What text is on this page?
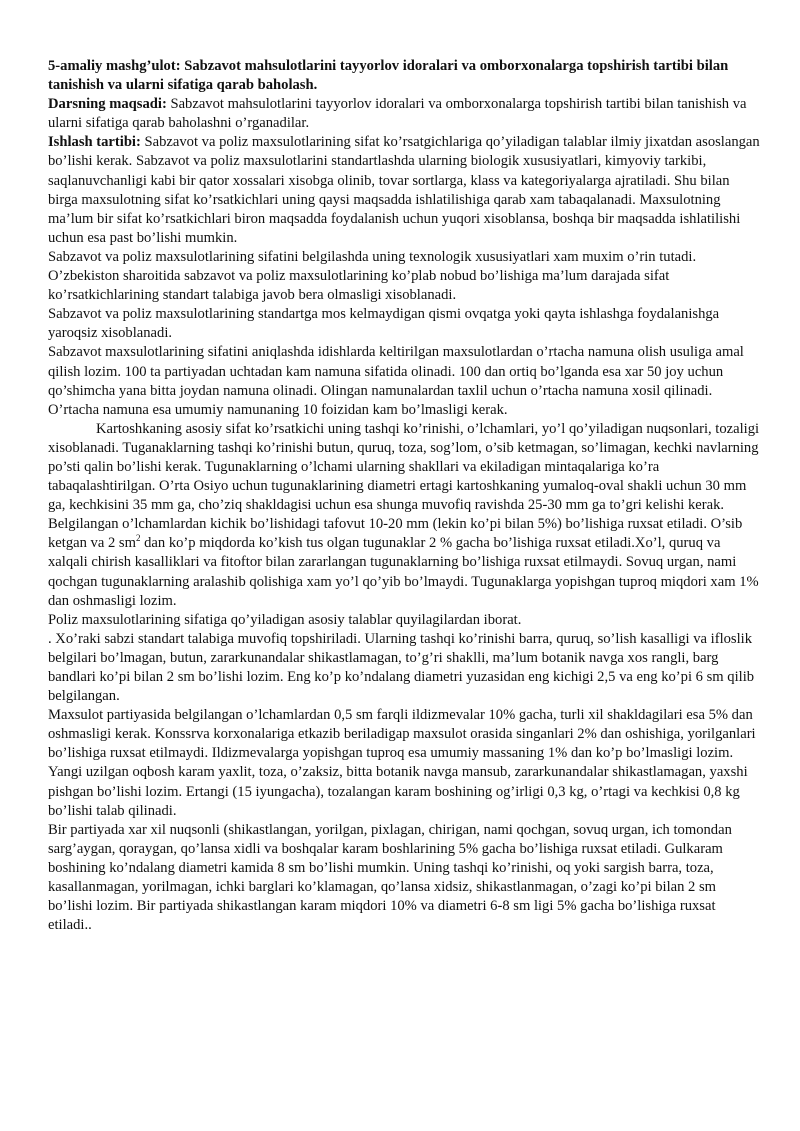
5-amaliy mashg’ulot: Sabzavot mahsulotlarini tayyorlov idoralari va omborxonalarga topshirish tartibi bilan tanishish va ularni sifatiga qarab baholash.

Darsning maqsadi: Sabzavot mahsulotlarini tayyorlov idoralari va omborxonalarga topshirish tartibi bilan tanishish va ularni sifatiga qarab baholashni o’rganadilar.

Ishlash tartibi: Sabzavot va poliz maxsulotlarining sifat ko’rsatgichlariga qo’yiladigan talablar ilmiy jixatdan asoslangan bo’lishi kerak. Sabzavot va poliz maxsulotlarini standartlashda ularning biologik xususiyatlari, kimyoviy tarkibi, saqlanuvchanligi kabi bir qator xossalari xisobga olinib, tovar sortlarga, klass va kategoriyalarga ajratiladi. Shu bilan birga maxsulotning sifat ko’rsatkichlari uning qaysi maqsadda ishlatilishiga qarab xam tabaqalanadi. Maxsulotning ma’lum bir sifat ko’rsatkichlari biron maqsadda foydalanish uchun yuqori xisoblansa, boshqa bir maqsadda ishlatilishi uchun esa past bo’lishi mumkin.

Sabzavot va poliz maxsulotlarining sifatini belgilashda uning texnologik xususiyatlari xam muxim o’rin tutadi.

O’zbekiston sharoitida sabzavot va poliz maxsulotlarining ko’plab nobud bo’lishiga ma’lum darajada sifat ko’rsatkichlarining standart talabiga javob bera olmasligi xisoblanadi.

Sabzavot va poliz maxsulotlarining standartga mos kelmaydigan qismi ovqatga yoki qayta ishlashga foydalanishga yaroqsiz xisoblanadi.

Sabzavot maxsulotlarining sifatini aniqlashda idishlarda keltirilgan maxsulotlardan o’rtacha namuna olish usuliga amal qilish lozim. 100 ta partiyadan uchtadan kam namuna sifatida olinadi. 100 dan ortiq bo’lganda esa xar 50 joy uchun qo’shimcha yana bitta joydan namuna olinadi. Olingan namunalardan taxlil uchun o’rtacha namuna xosil qilinadi. O’rtacha namuna esa umumiy namunaning 10 foizidan kam bo’lmasligi kerak.

Kartoshkaning asosiy sifat ko’rsatkichi uning tashqi ko’rinishi, o’lchamlari, yo’l qo’yiladigan nuqsonlari, tozaligi xisoblanadi. Tuganaklarning tashqi ko’rinishi butun, quruq, toza, sog’lom, o’sib ketmagan, so’limagan, kechki navlarning po’sti qalin bo’lishi kerak. Tugunaklarning o’lchami ularning shakllari va ekiladigan mintaqalariga ko’ra tabaqalashtirilgan. O’rta Osiyo uchun tugunaklarining diametri ertagi kartoshkaning yumaloq-oval shakli uchun 30 mm ga, kechkisini 35 mm ga, cho’ziq shakldagisi uchun esa shunga muvofiq ravishda 25-30 mm ga to’gri kelishi kerak. Belgilangan o’lchamlardan kichik bo’lishidagi tafovut 10-20 mm (lekin ko’pi bilan 5%) bo’lishiga ruxsat etiladi. O’sib ketgan va 2 $sm^2$ dan ko’p miqdorda ko’kish tus olgan tugunaklar 2 % gacha bo’lishiga ruxsat etiladi.Xo’l, quruq va xalqali chirish kasalliklari va fitoftor bilan zararlangan tugunaklarning bo’lishiga ruxsat etilmaydi. Sovuq urgan, nami qochgan tugunaklarning aralashib qolishiga xam yo’l qo’yib bo’lmaydi. Tugunaklarga yopishgan tuproq miqdori xam 1% dan oshmasligi lozim.

Poliz maxsulotlarining sifatiga qo’yiladigan asosiy talablar quyilagilardan iborat.

. Xo’raki sabzi standart talabiga muvofiq topshiriladi. Ularning tashqi ko’rinishi barra, quruq, so’lish kasalligi va ifloslik belgilari bo’lmagan, butun, zararkunandalar shikastlamagan, to’g’ri shaklli, ma’lum botanik navga xos rangli, barg bandlari ko’pi bilan 2 sm bo’lishi lozim. Eng ko’p ko’ndalang diametri yuzasidan eng kichigi 2,5 va eng ko’pi 6 sm qilib belgilangan.

Maxsulot partiyasida belgilangan o’lchamlardan 0,5 sm farqli ildizmevalar 10% gacha, turli xil shakldagilari esa 5% dan oshmasligi kerak. Konssrva korxonalariga etkazib beriladigap maxsulot orasida singanlari 2% dan oshishiga, yorilganlari bo’lishiga ruxsat etilmaydi. Ildizmevalarga yopishgan tuproq esa umumiy massaning 1% dan ko’p bo’lmasligi lozim.

Yangi uzilgan oqbosh karam yaxlit, toza, o’zaksiz, bitta botanik navga mansub, zararkunandalar shikastlamagan, yaxshi pishgan bo’lishi lozim. Ertangi (15 iyungacha), tozalangan karam boshining og’irligi 0,3 kg, o’rtagi va kechkisi 0,8 kg bo’lishi talab qilinadi.

Bir partiyada xar xil nuqsonli (shikastlangan, yorilgan, pixlagan, chirigan, nami qochgan, sovuq urgan, ich tomondan sarg’aygan, qoraygan, qo’lansa xidli va boshqalar karam boshlarining 5% gacha bo’lishiga ruxsat etiladi. Gulkaram boshining ko’ndalang diametri kamida 8 sm bo’lishi mumkin. Uning tashqi ko’rinishi, oq yoki sargish barra, toza, kasallanmagan, yorilmagan, ichki barglari ko’klamagan, qo’lansa xidsiz, shikastlanmagan, o’zagi ko’pi bilan 2 sm bo’lishi lozim. Bir partiyada shikastlangan karam miqdori 10% va diametri 6-8 sm ligi 5% gacha bo’lishiga ruxsat etiladi..
